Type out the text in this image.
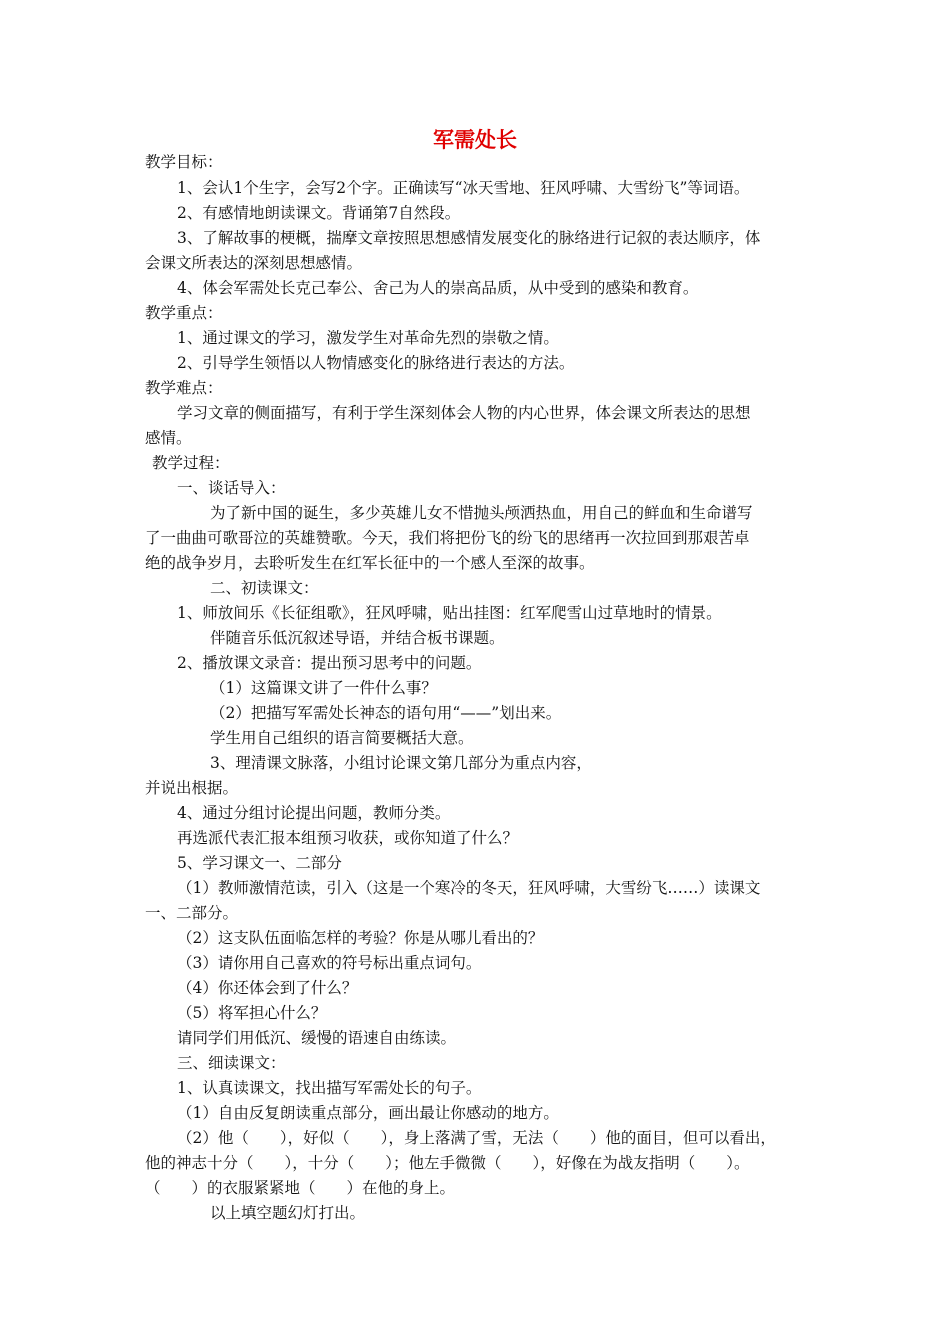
军需处长
教学目标：
1、会认1个生字，会写2个字。正确读写“冰天雪地、狂风呼啸、大雪纷飞”等词语。
2、有感情地朗读课文。背诵第7自然段。
3、了解故事的梗概，揣摩文章按照思想感情发展变化的脉络进行记叙的表达顺序，体
会课文所表达的深刻思想感情。
4、体会军需处长克己奉公、舍己为人的崇高品质，从中受到的感染和教育。
教学重点：
1、通过课文的学习，激发学生对革命先烈的崇敬之情。
2、引导学生领悟以人物情感变化的脉络进行表达的方法。
教学难点：
学习文章的侧面描写，有利于学生深刻体会人物的内心世界，体会课文所表达的思想
感情。
教学过程：
一、谈话导入：
为了新中国的诞生，多少英雄儿女不惜抛头颅洒热血，用自己的鲜血和生命谱写
了一曲曲可歌哥泣的英雄赞歌。今天，我们将把份飞的纷飞的思绪再一次拉回到那艰苦卓
绝的战争岁月，去聆听发生在红军长征中的一个感人至深的故事。
二、初读课文：
1、师放间乐《长征组歌》，狂风呼啸，贴出挂图：红军爬雪山过草地时的情景。
伴随音乐低沉叙述导语，并结合板书课题。
2、播放课文录音：提出预习思考中的问题。
（1）这篇课文讲了一件什么事？
（2）把描写军需处长神态的语句用“——”划出来。
学生用自己组织的语言简要概括大意。
3、理清课文脉落，小组讨论课文第几部分为重点内容，
并说出根据。
4、通过分组讨论提出问题，教师分类。
再选派代表汇报本组预习收获，或你知道了什么？
5、学习课文一、二部分
（1）教师激情范读，引入（这是一个寒冷的冬天，狂风呼啸，大雪纷飞……）读课文
一、二部分。
（2）这支队伍面临怎样的考验？你是从哪儿看出的？
（3）请你用自己喜欢的符号标出重点词句。
（4）你还体会到了什么？
（5）将军担心什么？
请同学们用低沉、缓慢的语速自由练读。
三、细读课文：
1、认真读课文，找出描写军需处长的句子。
（1）自由反复朗读重点部分，画出最让你感动的地方。
（2）他（　　），好似（　　），身上落满了雪，无法（　　）他的面目，但可以看出，
他的神志十分（　　），十分（　　）；他左手微微（　　），好像在为战友指明（　　）。
（　　）的衣服紧紧地（　　）在他的身上。
以上填空题幻灯打出。
